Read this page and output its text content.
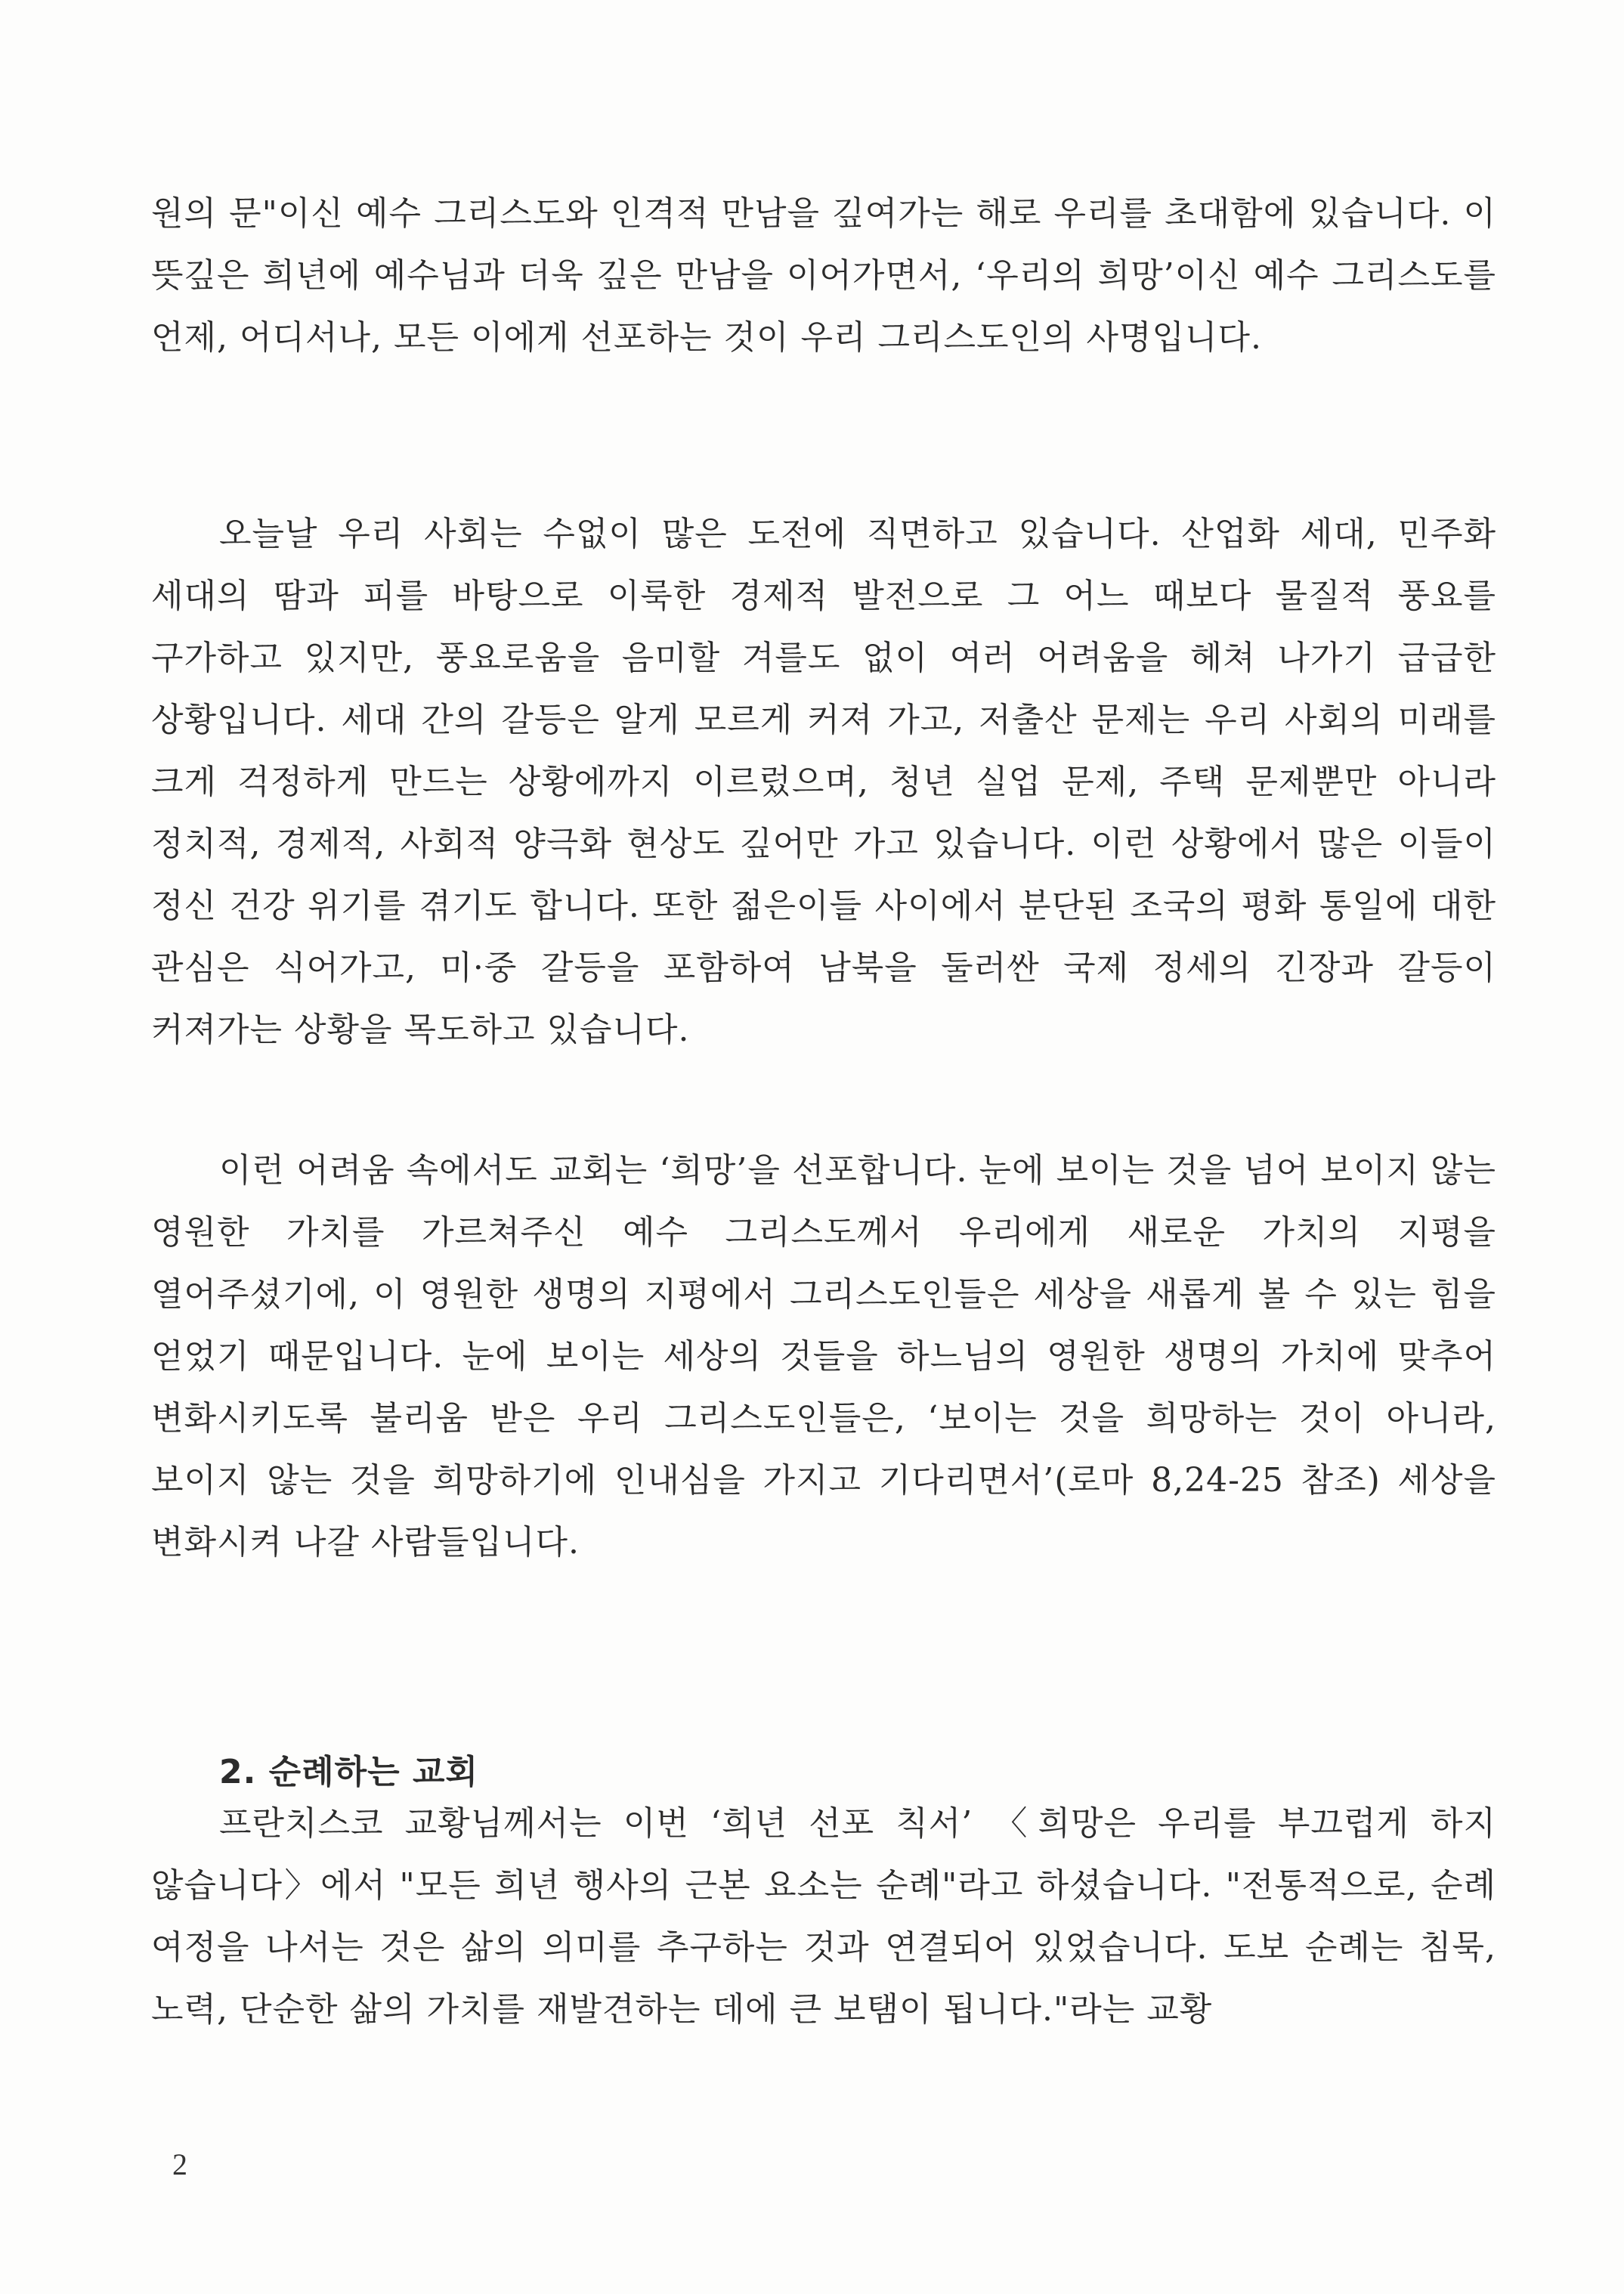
원의 문"이신 예수 그리스도와 인격적 만남을 깊여가는 해로 우리를 초대함에 있습니다. 이 뜻깊은 희년에 예수님과 더욱 깊은 만남을 이어가면서, ‘우리의 희망’이신 예수 그리스도를 언제, 어디서나, 모든 이에게 선포하는 것이 우리 그리스도인의 사명입니다.

오늘날 우리 사회는 수없이 많은 도전에 직면하고 있습니다. 산업화 세대, 민주화 세대의 땀과 피를 바탕으로 이룩한 경제적 발전으로 그 어느 때보다 물질적 풍요를 구가하고 있지만, 풍요로움을 음미할 겨를도 없이 여러 어려움을 헤쳐 나가기 급급한 상황입니다. 세대 간의 갈등은 알게 모르게 커져 가고, 저출산 문제는 우리 사회의 미래를 크게 걱정하게 만드는 상황에까지 이르렀으며, 청년 실업 문제, 주택 문제뿐만 아니라 정치적, 경제적, 사회적 양극화 현상도 깊어만 가고 있습니다. 이런 상황에서 많은 이들이 정신 건강 위기를 겪기도 합니다. 또한 젊은이들 사이에서 분단된 조국의 평화 통일에 대한 관심은 식어가고, 미·중 갈등을 포함하여 남북을 둘러싼 국제 정세의 긴장과 갈등이 커져가는 상황을 목도하고 있습니다.

이런 어려움 속에서도 교회는 ‘희망’을 선포합니다. 눈에 보이는 것을 넘어 보이지 않는 영원한 가치를 가르쳐주신 예수 그리스도께서 우리에게 새로운 가치의 지평을 열어주셨기에, 이 영원한 생명의 지평에서 그리스도인들은 세상을 새롭게 볼 수 있는 힘을 얻었기 때문입니다. 눈에 보이는 세상의 것들을 하느님의 영원한 생명의 가치에 맞추어 변화시키도록 불리움 받은 우리 그리스도인들은, ‘보이는 것을 희망하는 것이 아니라, 보이지 않는 것을 희망하기에 인내심을 가지고 기다리면서’(로마 8,24-25 참조) 세상을 변화시켜 나갈 사람들입니다.

2. 순례하는 교회

프란치스코 교황님께서는 이번 ‘희년 선포 칙서’ 〈희망은 우리를 부끄럽게 하지 않습니다〉에서 "모든 희년 행사의 근본 요소는 순례"라고 하셨습니다. "전통적으로, 순례 여정을 나서는 것은 삶의 의미를 추구하는 것과 연결되어 있었습니다. 도보 순례는 침묵, 노력, 단순한 삶의 가치를 재발견하는 데에 큰 보탬이 됩니다."라는 교황

2
